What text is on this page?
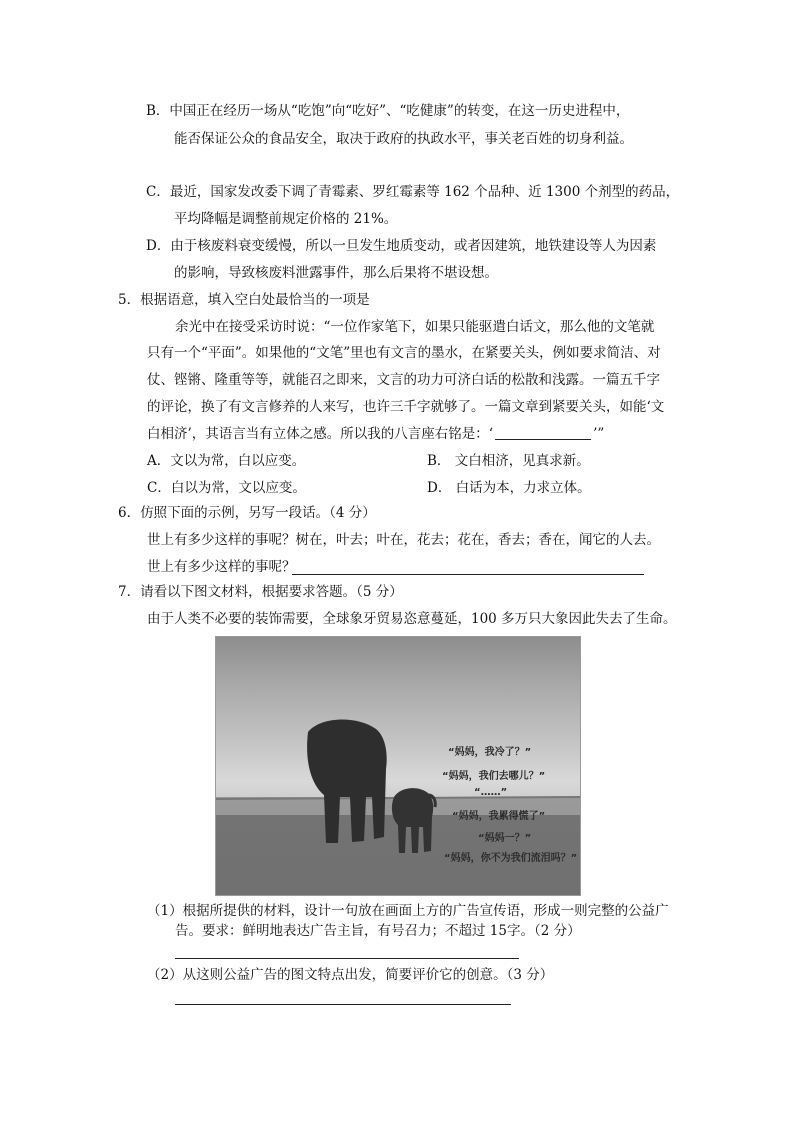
B．中国正在经历一场从“吃饱”向“吃好”、“吃健康”的转变，在这一历史进程中，
能否保证公众的食品安全，取决于政府的执政水平，事关老百姓的切身利益。
C．最近，国家发改委下调了青霉素、罗红霉素等 162 个品种、近 1300 个剂型的药品，
平均降幅是调整前规定价格的 21%。
D．由于核废料衰变缓慢，所以一旦发生地质变动，或者因建筑，地铁建设等人为因素
的影响，导致核废料泄露事件，那么后果将不堪设想。
5．根据语意，填入空白处最恰当的一项是
余光中在接受采访时说：“一位作家笔下，如果只能驱遣白话文，那么他的文笔就
只有一个“平面”。如果他的“文笔”里也有文言的墨水，在紧要关头，例如要求简洁、对
仗、铿锵、隆重等等，就能召之即来，文言的功力可济白话的松散和浅露。一篇五千字
的评论，换了有文言修养的人来写，也许三千字就够了。一篇文章到紧要关头，如能‘文
白相济’，其语言当有立体之感。所以我的八言座右铭是：‘	’”
A．文以为常，白以应变。	B． 文白相济，见真求新。
C．白以为常，文以应变。	D． 白话为本，力求立体。
6．仿照下面的示例，另写一段话。（4 分）
世上有多少这样的事呢？树在，叶去；叶在，花去；花在，香去；香在，闻它的人去。
世上有多少这样的事呢？
7．请看以下图文材料，根据要求答题。（5 分）
由于人类不必要的装饰需要，全球象牙贸易恣意蔓延，100 多万只大象因此失去了生命。
“妈妈，我冷了？”
“妈妈，我们去哪儿？”
“……”
“妈妈，我累得慌了”
“妈妈一？”
“妈妈，你不为我们流泪吗？”
（1）根据所提供的材料，设计一句放在画面上方的广告宣传语，形成一则完整的公益广
告。要求：鲜明地表达广告主旨，有号召力；不超过 15字。（2 分）
（2）从这则公益广告的图文特点出发，简要评价它的创意。（3 分）
